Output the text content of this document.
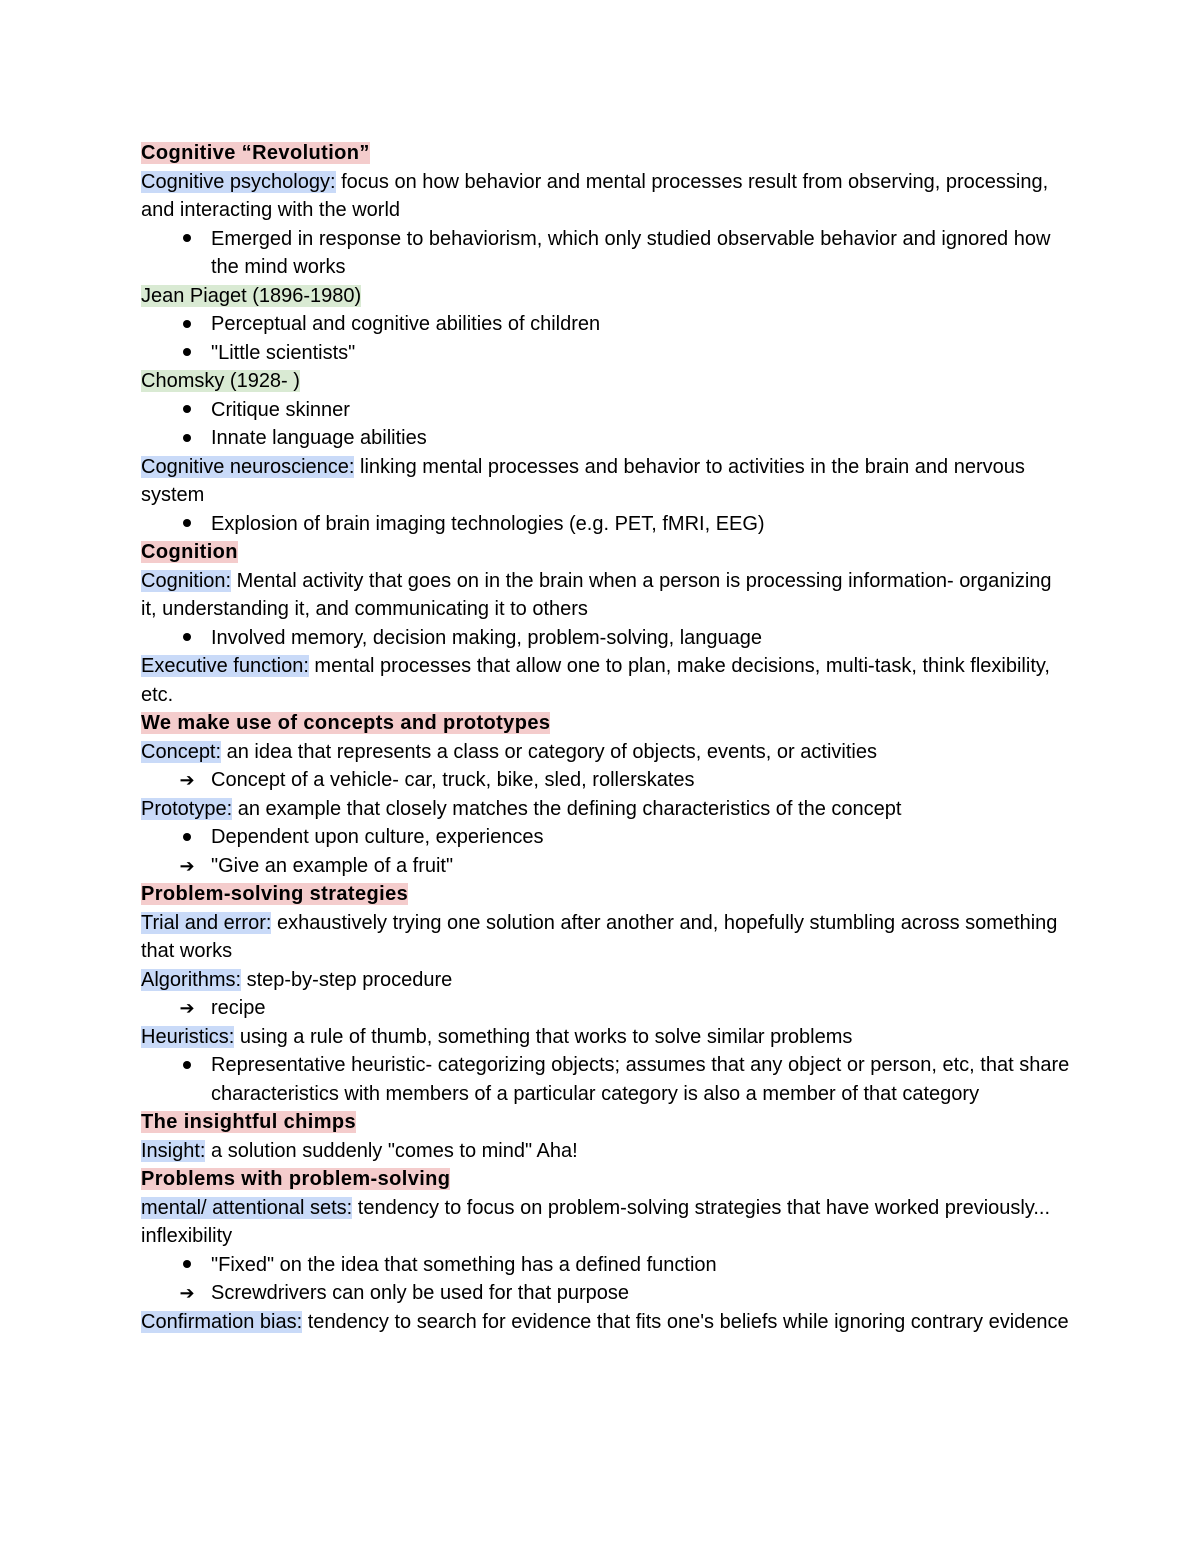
Cognitive “Revolution”

Cognitive psychology: focus on how behavior and mental processes result from observing, processing, and interacting with the world

Emerged in response to behaviorism, which only studied observable behavior and ignored how the mind works

Jean Piaget (1896-1980)

Perceptual and cognitive abilities of children

"Little scientists"

Chomsky (1928- )

Critique skinner

Innate language abilities

Cognitive neuroscience: linking mental processes and behavior to activities in the brain and nervous system

Explosion of brain imaging technologies (e.g. PET, fMRI, EEG)

Cognition

Cognition: Mental activity that goes on in the brain when a person is processing information- organizing it, understanding it, and communicating it to others

Involved memory, decision making, problem-solving, language

Executive function: mental processes that allow one to plan, make decisions, multi-task, think flexibility, etc.

We make use of concepts and prototypes

Concept: an idea that represents a class or category of objects, events, or activities

➔ Concept of a vehicle- car, truck, bike, sled, rollerskates

Prototype: an example that closely matches the defining characteristics of the concept

Dependent upon culture, experiences

➔ "Give an example of a fruit"

Problem-solving strategies

Trial and error: exhaustively trying one solution after another and, hopefully stumbling across something that works

Algorithms: step-by-step procedure

➔ recipe

Heuristics: using a rule of thumb, something that works to solve similar problems

Representative heuristic- categorizing objects; assumes that any object or person, etc, that share characteristics with members of a particular category is also a member of that category

The insightful chimps

Insight: a solution suddenly "comes to mind" Aha!

Problems with problem-solving

mental/ attentional sets: tendency to focus on problem-solving strategies that have worked previously... inflexibility

"Fixed" on the idea that something has a defined function

➔ Screwdrivers can only be used for that purpose

Confirmation bias: tendency to search for evidence that fits one's beliefs while ignoring contrary evidence
